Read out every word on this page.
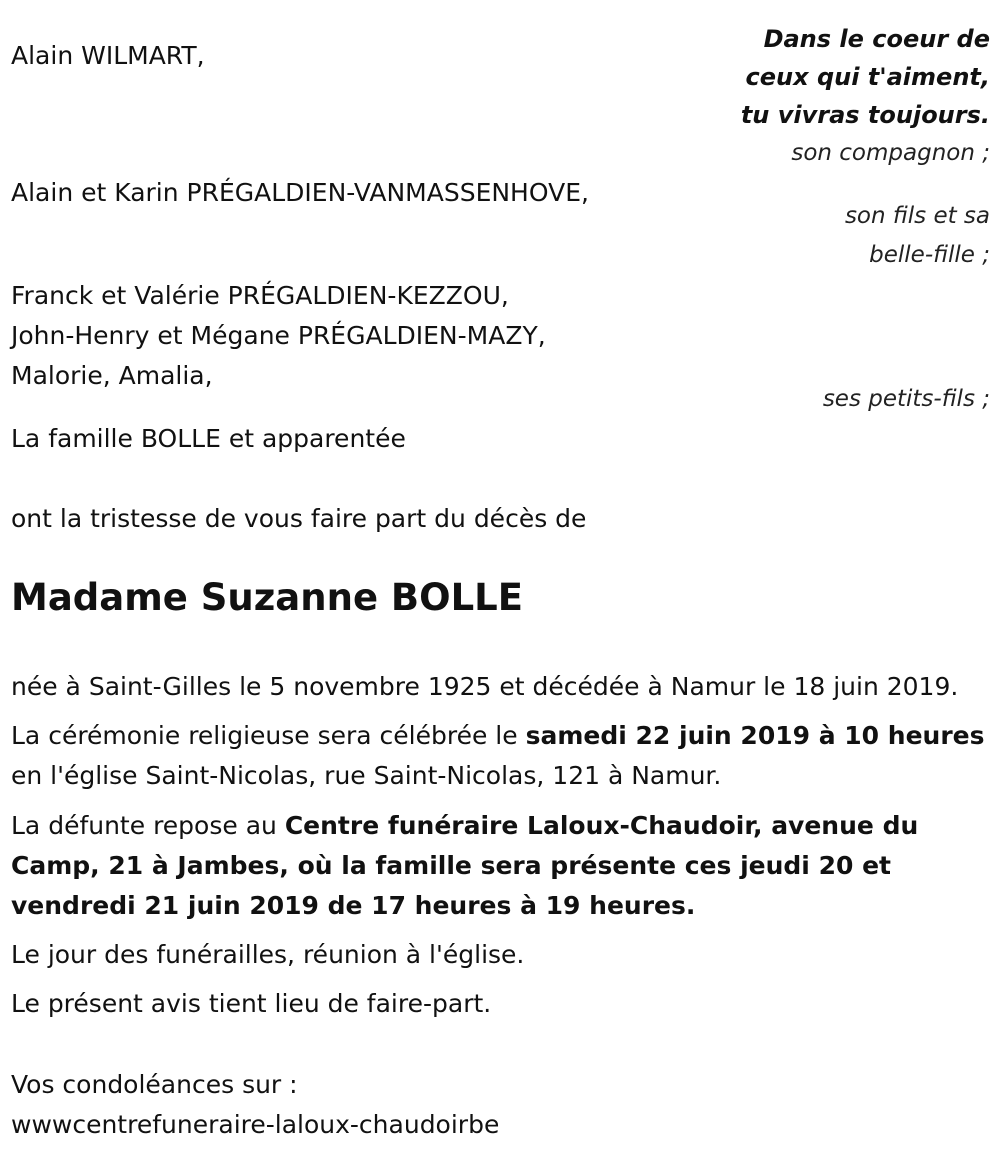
Dans le coeur de
ceux qui t'aiment,
tu vivras toujours.
Alain WILMART,
son compagnon ;
Alain et Karin PRÉGALDIEN-VANMASSENHOVE,
son fils et sa
belle-fille ;
Franck et Valérie PRÉGALDIEN-KEZZOU,
John-Henry et Mégane PRÉGALDIEN-MAZY,
Malorie, Amalia,
ses petits-fils ;
La famille BOLLE et apparentée
ont la tristesse de vous faire part du décès de
Madame Suzanne BOLLE
née à Saint-Gilles le 5 novembre 1925 et décédée à Namur le 18 juin 2019.
La cérémonie religieuse sera célébrée le samedi 22 juin 2019 à 10 heures
en l'église Saint-Nicolas, rue Saint-Nicolas, 121 à Namur.
La défunte repose au Centre funéraire Laloux-Chaudoir, avenue du Camp, 21 à Jambes, où la famille sera présente ces jeudi 20 et vendredi 21 juin 2019 de 17 heures à 19 heures.
Le jour des funérailles, réunion à l'église.
Le présent avis tient lieu de faire-part.
Vos condoléances sur :
wwwcentrefuneraire-laloux-chaudoirbe
